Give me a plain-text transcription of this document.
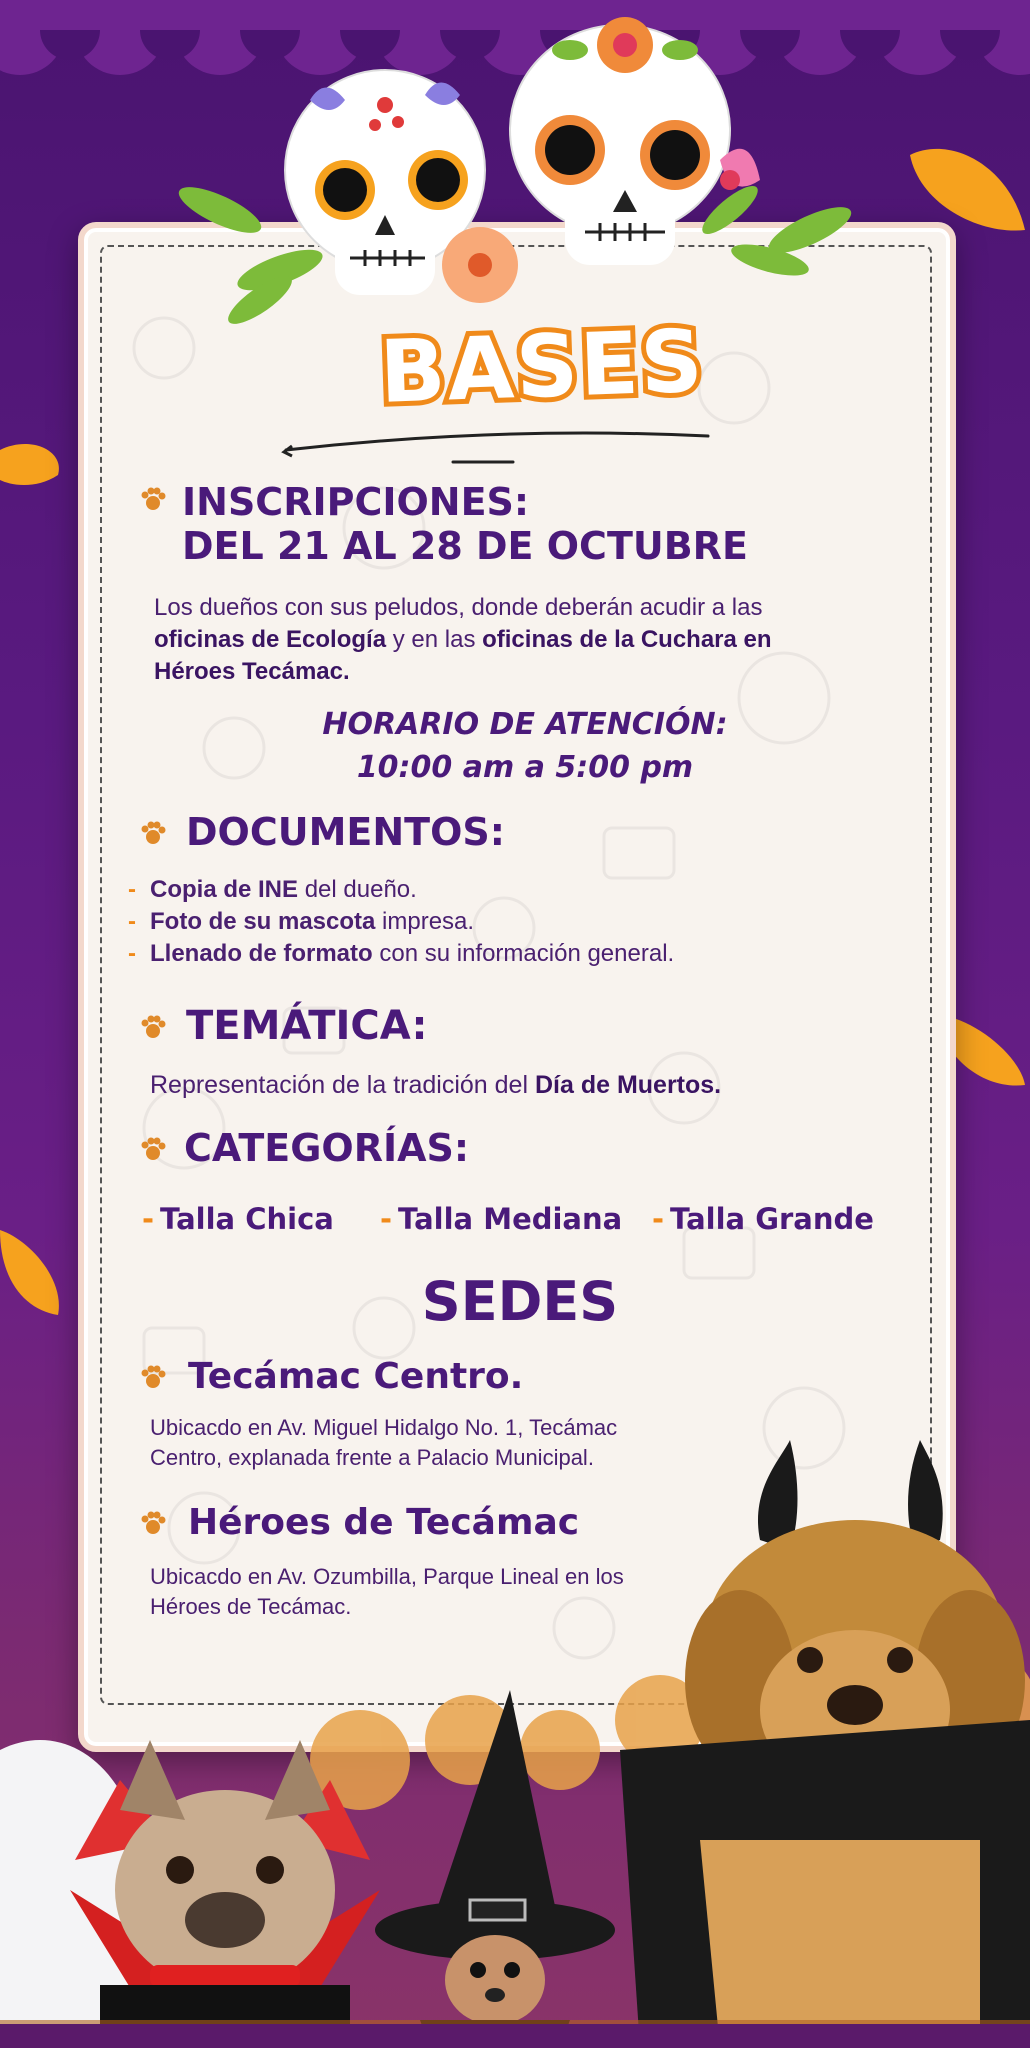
BASES
INSCRIPCIONES:
DEL 21 AL 28 DE OCTUBRE
Los dueños con sus peludos, donde deberán acudir a las
oficinas de Ecología y en las oficinas de la Cuchara en
Héroes Tecámac.
HORARIO DE ATENCIÓN:
10:00 am a 5:00 pm
DOCUMENTOS:
- Copia de INE del dueño.
- Foto de su mascota impresa.
- Llenado de formato con su información general.
TEMÁTICA:
Representación de la tradición del Día de Muertos.
CATEGORÍAS:
- Talla Chica - Talla Mediana - Talla Grande
SEDES
Tecámac Centro.
Ubicacdo en Av. Miguel Hidalgo No. 1, Tecámac
Centro, explanada frente a Palacio Municipal.
Héroes de Tecámac
Ubicacdo en Av. Ozumbilla, Parque Lineal en los
Héroes de Tecámac.
